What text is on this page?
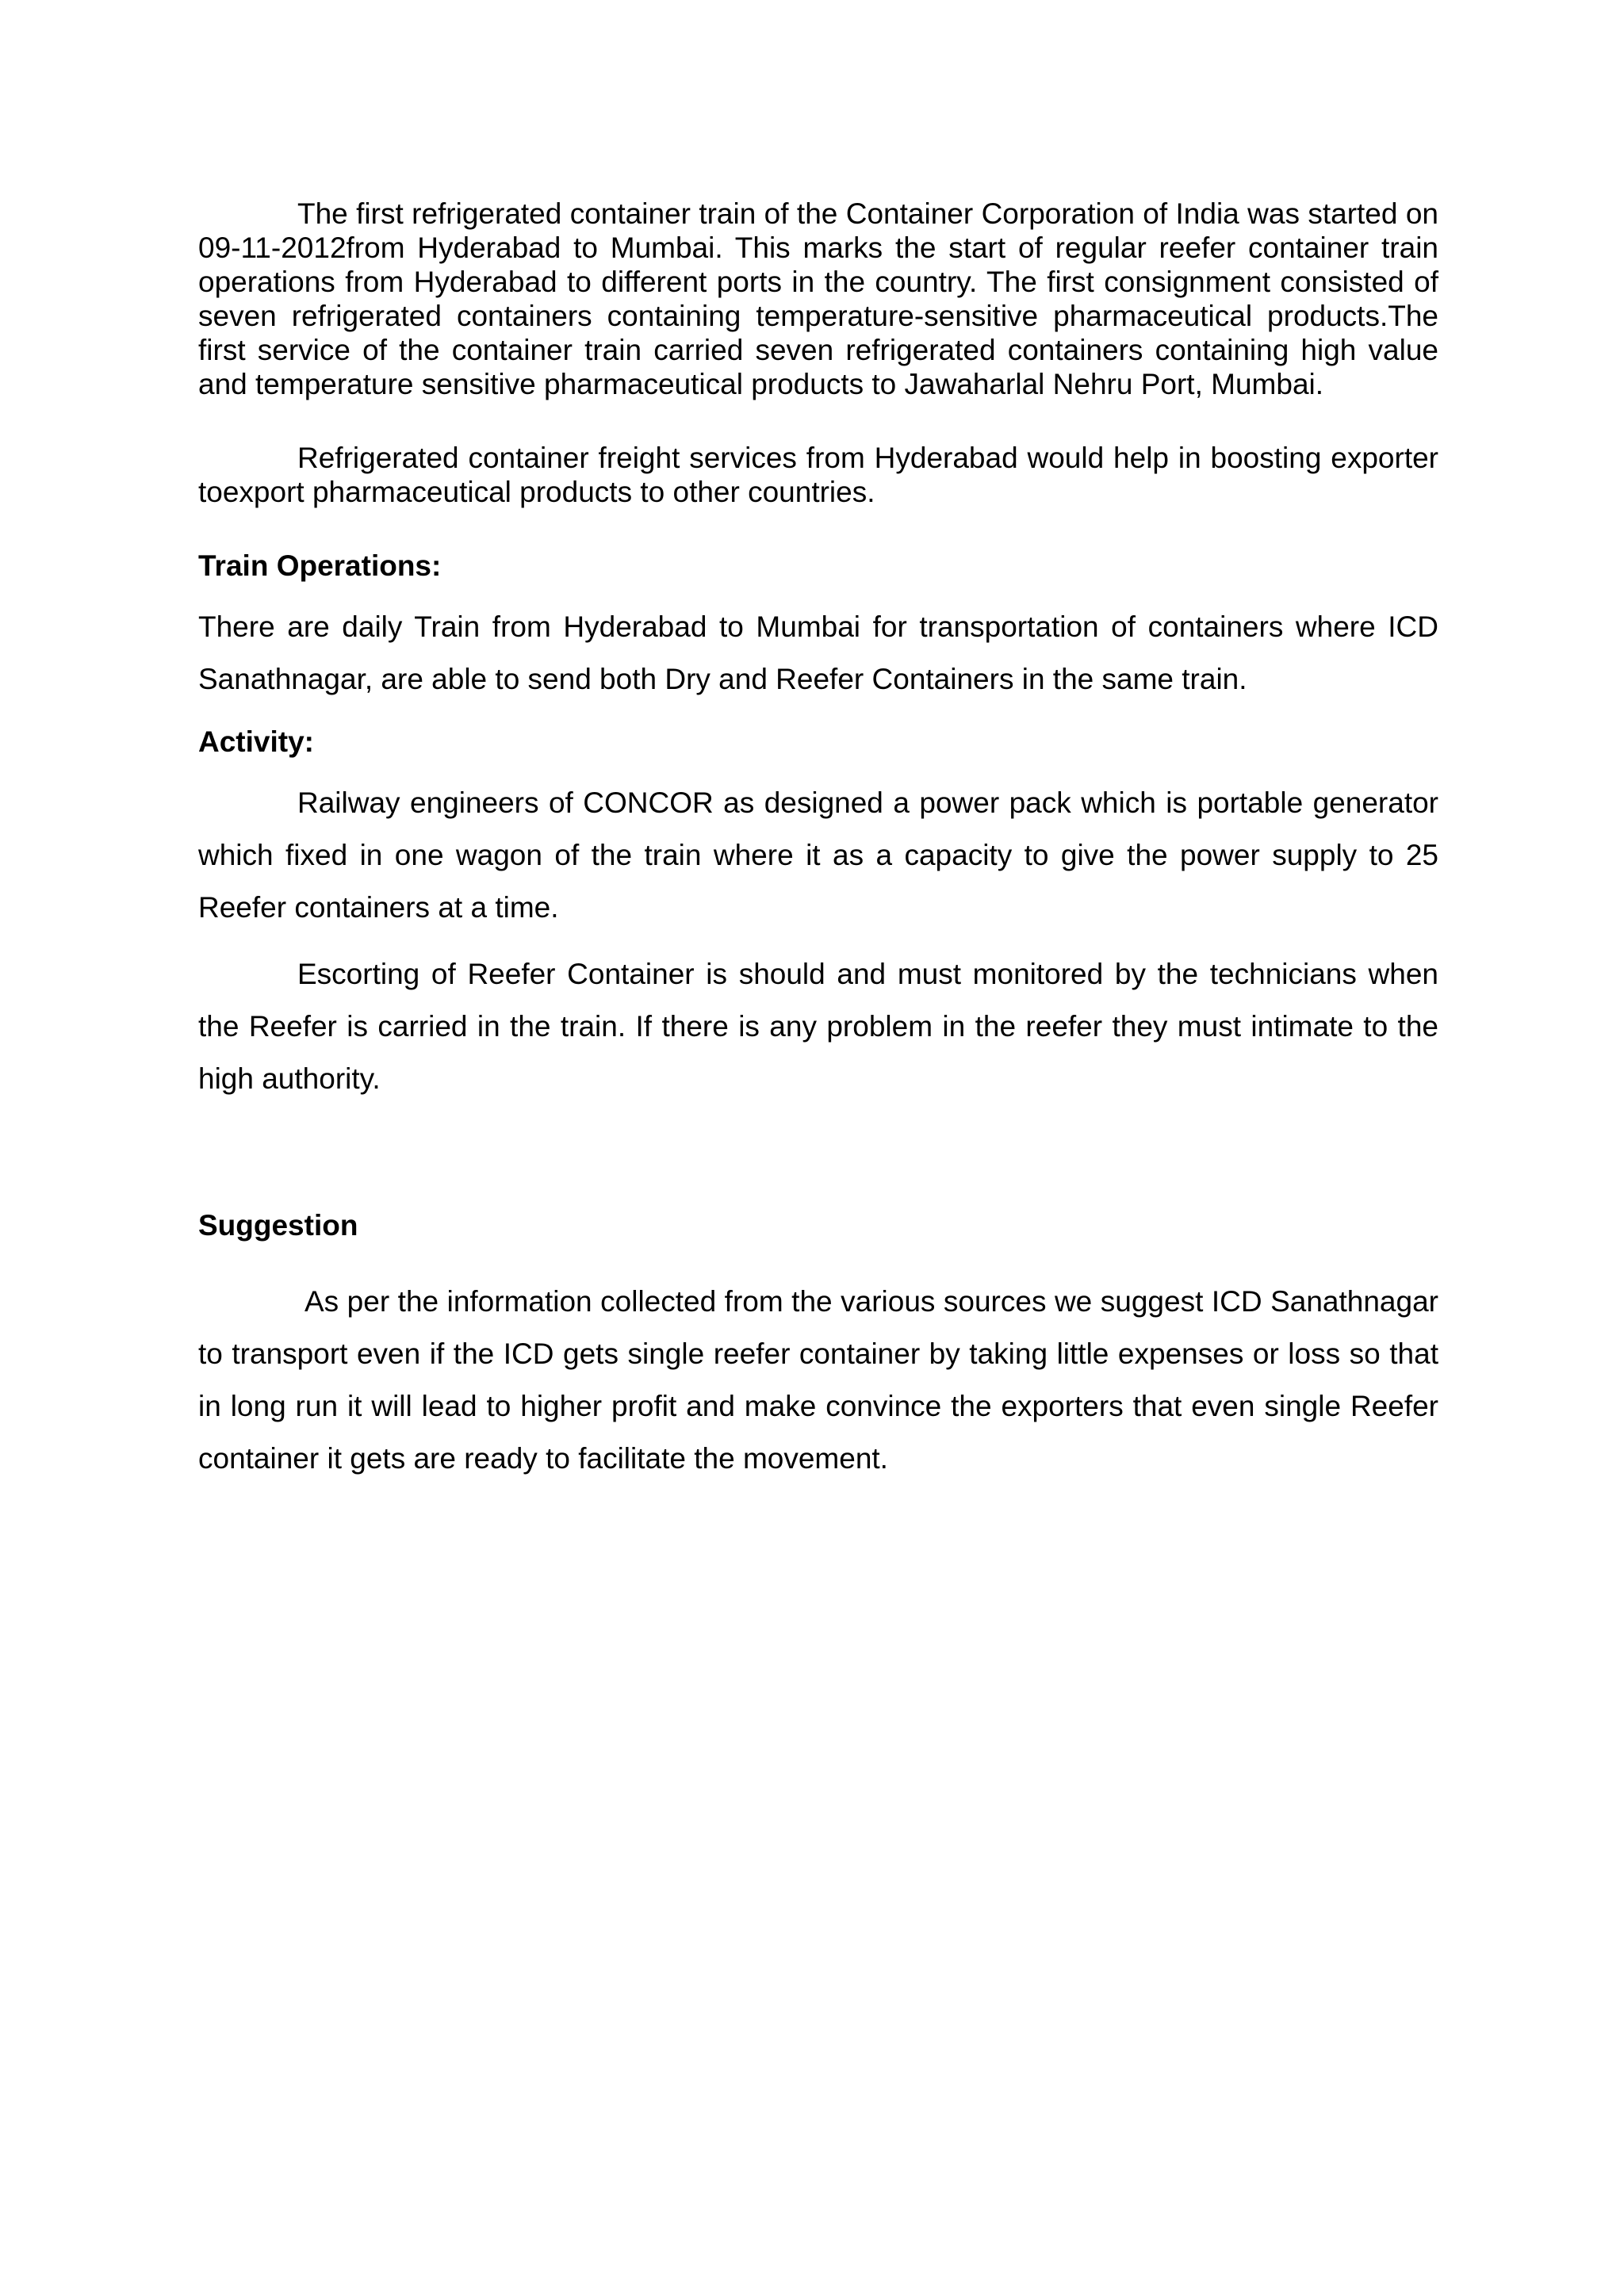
The first refrigerated container train of the Container Corporation of India was started on 09-11-2012from Hyderabad to Mumbai. This marks the start of regular reefer container train operations from Hyderabad to different ports in the country. The first consignment consisted of seven refrigerated containers containing temperature-sensitive pharmaceutical products.The first service of the container train carried seven refrigerated containers containing high value and temperature sensitive pharmaceutical products to Jawaharlal Nehru Port, Mumbai.

Refrigerated container freight services from Hyderabad would help in boosting exporter toexport pharmaceutical products to other countries.

Train Operations:

There are daily Train from Hyderabad to Mumbai for transportation of containers where ICD Sanathnagar, are able to send both Dry and Reefer Containers in the same train.

Activity:

Railway engineers of CONCOR as designed a power pack which is portable generator which fixed in one wagon of the train where it as a capacity to give the power supply to 25 Reefer containers at a time.

Escorting of Reefer Container is should and must monitored by the technicians when the Reefer is carried in the train. If there is any problem in the reefer they must intimate to the high authority.

Suggestion

As per the information collected from the various sources we suggest ICD Sanathnagar to transport even if the ICD gets single reefer container by taking little expenses or loss so that in long run it will lead to higher profit and make convince the exporters that even single Reefer container it gets are ready to facilitate the movement.
